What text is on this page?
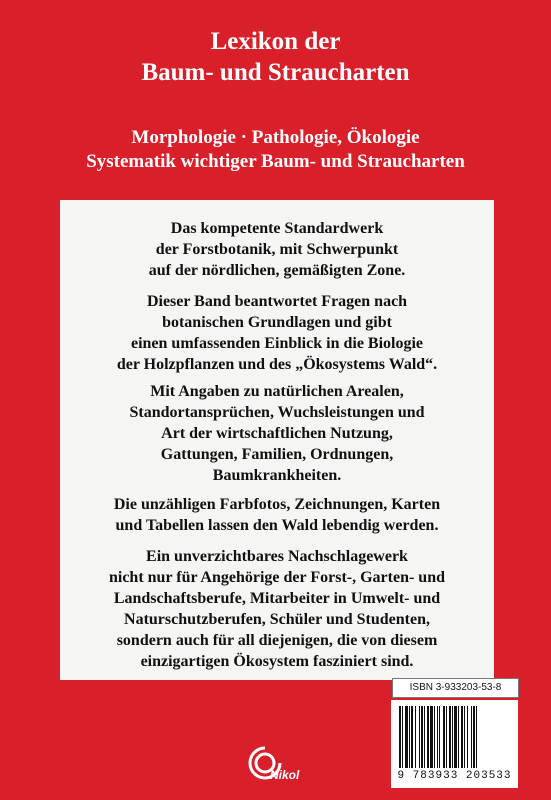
Lexikon der
Baum- und Straucharten
Morphologie · Pathologie, Ökologie
Systematik wichtiger Baum- und Straucharten

Das kompetente Standardwerk
der Forstbotanik, mit Schwerpunkt
auf der nördlichen, gemäßigten Zone.

Dieser Band beantwortet Fragen nach
botanischen Grundlagen und gibt
einen umfassenden Einblick in die Biologie
der Holzpflanzen und des „Ökosystems Wald“.

Mit Angaben zu natürlichen Arealen,
Standortansprüchen, Wuchsleistungen und
Art der wirtschaftlichen Nutzung,
Gattungen, Familien, Ordnungen,
Baumkrankheiten.

Die unzähligen Farbfotos, Zeichnungen, Karten
und Tabellen lassen den Wald lebendig werden.

Ein unverzichtbares Nachschlagewerk
nicht nur für Angehörige der Forst-, Garten- und
Landschaftsberufe, Mitarbeiter in Umwelt- und
Naturschutzberufen, Schüler und Studenten,
sondern auch für all diejenigen, die von diesem
einzigartigen Ökosystem fasziniert sind.

ISBN 3-933203-53-8
9 783933 203533
Nikol
